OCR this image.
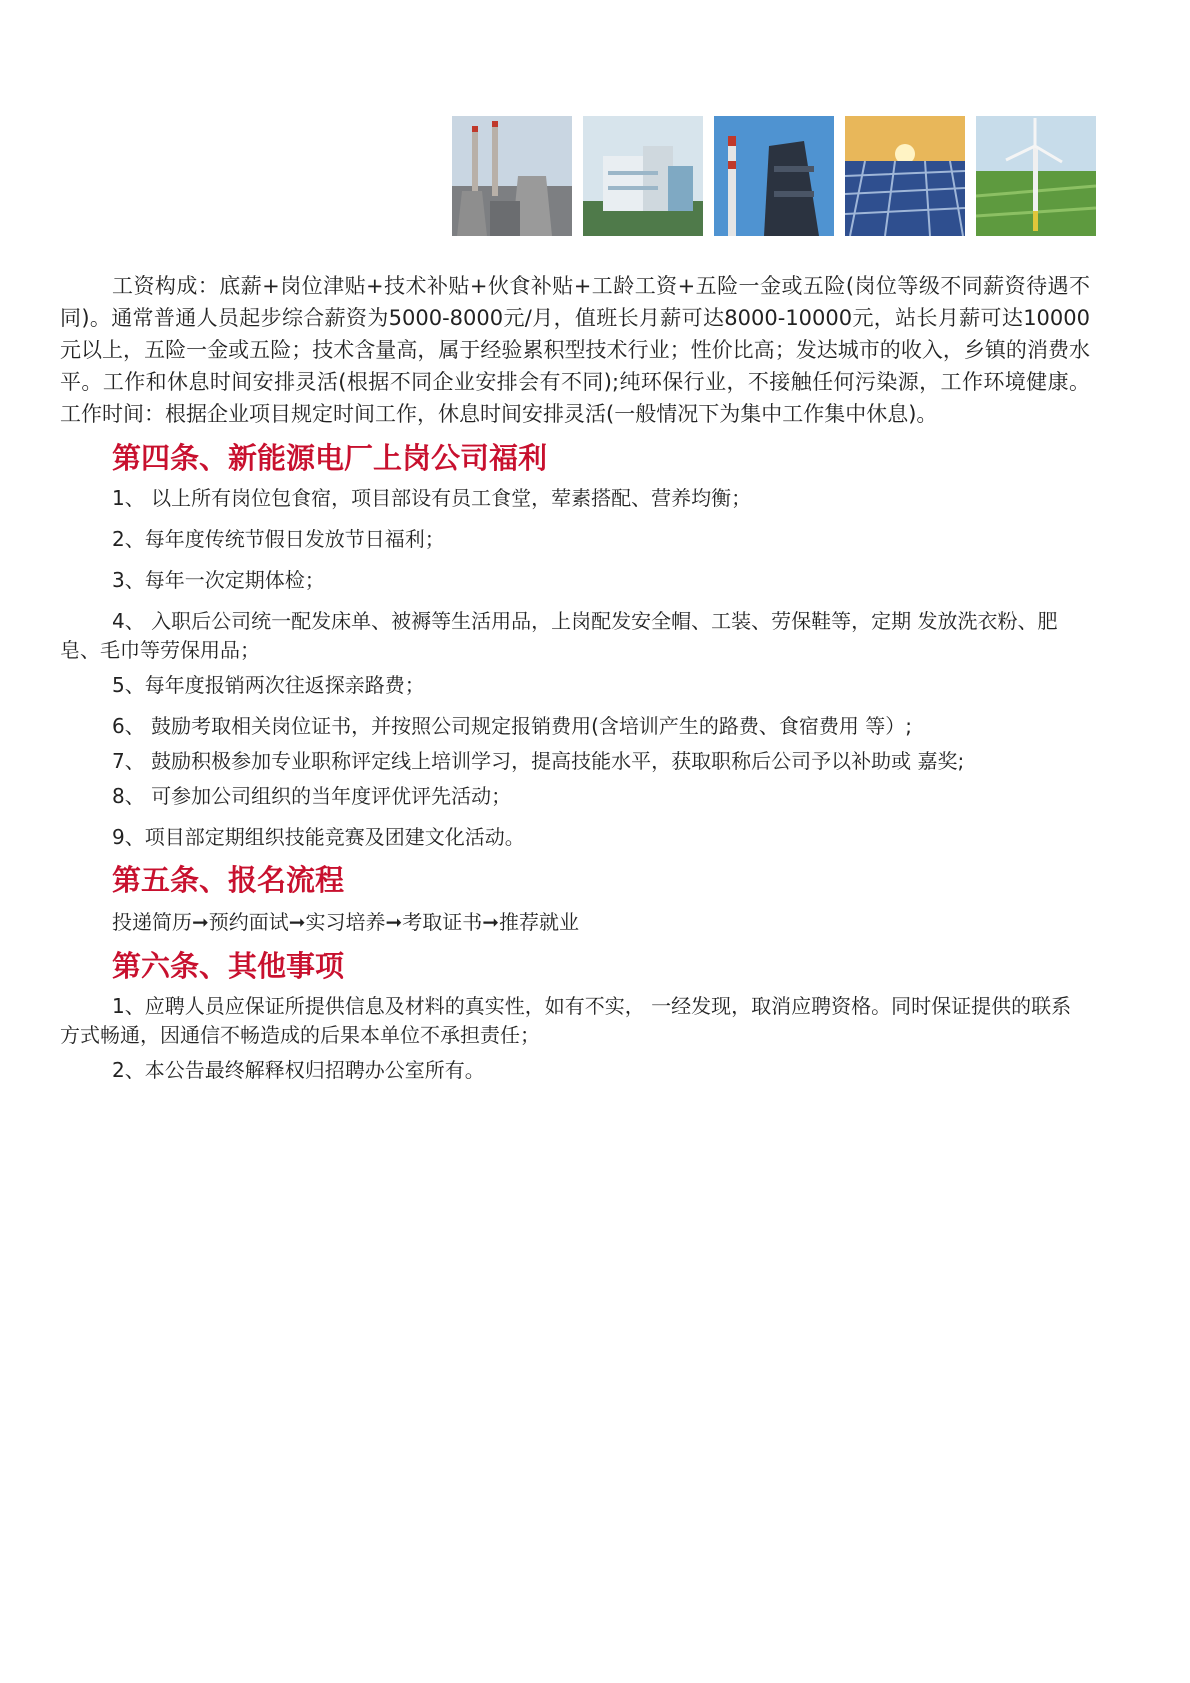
工资构成：底薪+岗位津贴+技术补贴+伙食补贴+工龄工资+五险一金或五险(岗位等级不同薪资待遇不同)。通常普通人员起步综合薪资为5000-8000元/月，值班长月薪可达8000-10000元，站长月薪可达10000元以上，五险一金或五险；技术含量高，属于经验累积型技术行业；性价比高；发达城市的收入，乡镇的消费水平。工作和休息时间安排灵活(根据不同企业安排会有不同);纯环保行业，不接触任何污染源，工作环境健康。工作时间：根据企业项目规定时间工作，休息时间安排灵活(一般情况下为集中工作集中休息)。

第四条、新能源电厂上岗公司福利

1、 以上所有岗位包食宿，项目部设有员工食堂，荤素搭配、营养均衡；

2、每年度传统节假日发放节日福利；

3、每年一次定期体检；

4、 入职后公司统一配发床单、被褥等生活用品，上岗配发安全帽、工装、劳保鞋等，定期 发放洗衣粉、肥皂、毛巾等劳保用品；

5、每年度报销两次往返探亲路费；

6、 鼓励考取相关岗位证书，并按照公司规定报销费用(含培训产生的路费、食宿费用 等）;

7、 鼓励积极参加专业职称评定线上培训学习，提高技能水平，获取职称后公司予以补助或 嘉奖;

8、 可参加公司组织的当年度评优评先活动；

9、项目部定期组织技能竞赛及团建文化活动。

第五条、报名流程

投递简历➞预约面试➞实习培养➞考取证书➞推荐就业

第六条、其他事项

1、应聘人员应保证所提供信息及材料的真实性，如有不实， 一经发现，取消应聘资格。同时保证提供的联系方式畅通，因通信不畅造成的后果本单位不承担责任；

2、本公告最终解释权归招聘办公室所有。
